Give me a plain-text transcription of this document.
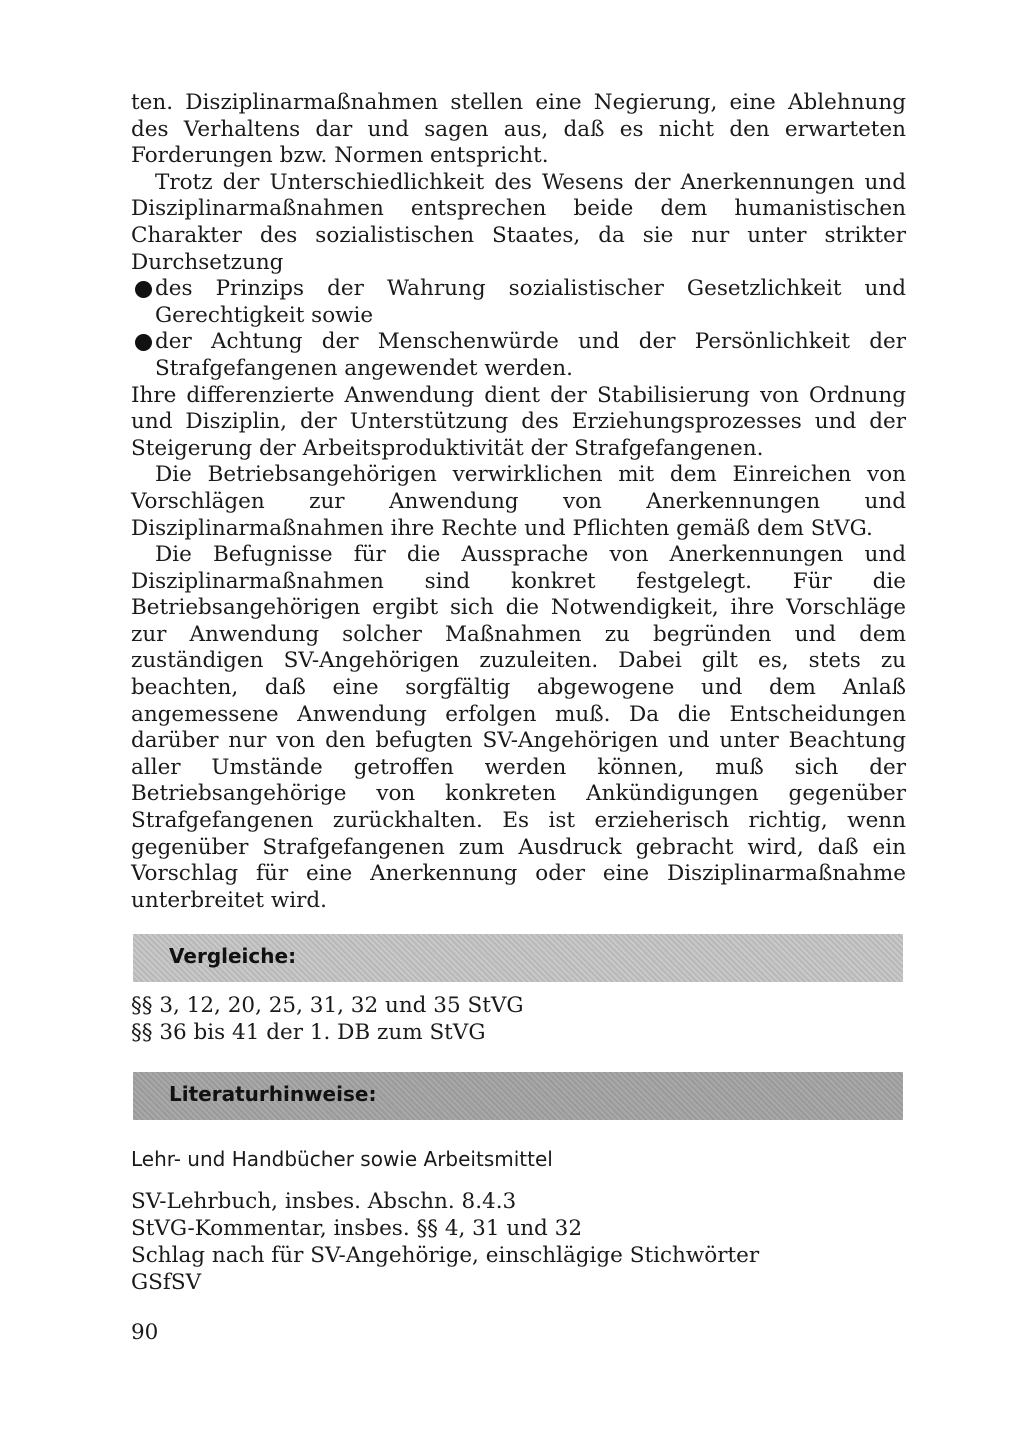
ten. Disziplinarmaßnahmen stellen eine Negierung, eine Ablehnung des Verhaltens dar und sagen aus, daß es nicht den erwarteten Forderungen bzw. Normen entspricht.

Trotz der Unterschiedlichkeit des Wesens der Anerkennungen und Disziplinarmaßnahmen entsprechen beide dem humanistischen Charakter des sozialistischen Staates, da sie nur unter strikter Durchsetzung

des Prinzips der Wahrung sozialistischer Gesetzlichkeit und Gerechtigkeit sowie
der Achtung der Menschenwürde und der Persönlichkeit der Strafgefangenen angewendet werden.

Ihre differenzierte Anwendung dient der Stabilisierung von Ordnung und Disziplin, der Unterstützung des Erziehungsprozesses und der Steigerung der Arbeitsproduktivität der Strafgefangenen.

Die Betriebsangehörigen verwirklichen mit dem Einreichen von Vorschlägen zur Anwendung von Anerkennungen und Disziplinarmaßnahmen ihre Rechte und Pflichten gemäß dem StVG.

Die Befugnisse für die Aussprache von Anerkennungen und Disziplinarmaßnahmen sind konkret festgelegt. Für die Betriebsangehörigen ergibt sich die Notwendigkeit, ihre Vorschläge zur Anwendung solcher Maßnahmen zu begründen und dem zuständigen SV-Angehörigen zuzuleiten. Dabei gilt es, stets zu beachten, daß eine sorgfältig abgewogene und dem Anlaß angemessene Anwendung erfolgen muß. Da die Entscheidungen darüber nur von den befugten SV-Angehörigen und unter Beachtung aller Umstände getroffen werden können, muß sich der Betriebsangehörige von konkreten Ankündigungen gegenüber Strafgefangenen zurückhalten. Es ist erzieherisch richtig, wenn gegenüber Strafgefangenen zum Ausdruck gebracht wird, daß ein Vorschlag für eine Anerkennung oder eine Disziplinarmaßnahme unterbreitet wird.

Vergleiche:
§§ 3, 12, 20, 25, 31, 32 und 35 StVG
§§ 36 bis 41 der 1. DB zum StVG
Literaturhinweise:
Lehr- und Handbücher sowie Arbeitsmittel
SV-Lehrbuch, insbes. Abschn. 8.4.3
StVG-Kommentar, insbes. §§ 4, 31 und 32
Schlag nach für SV-Angehörige, einschlägige Stichwörter
GSfSV
90
